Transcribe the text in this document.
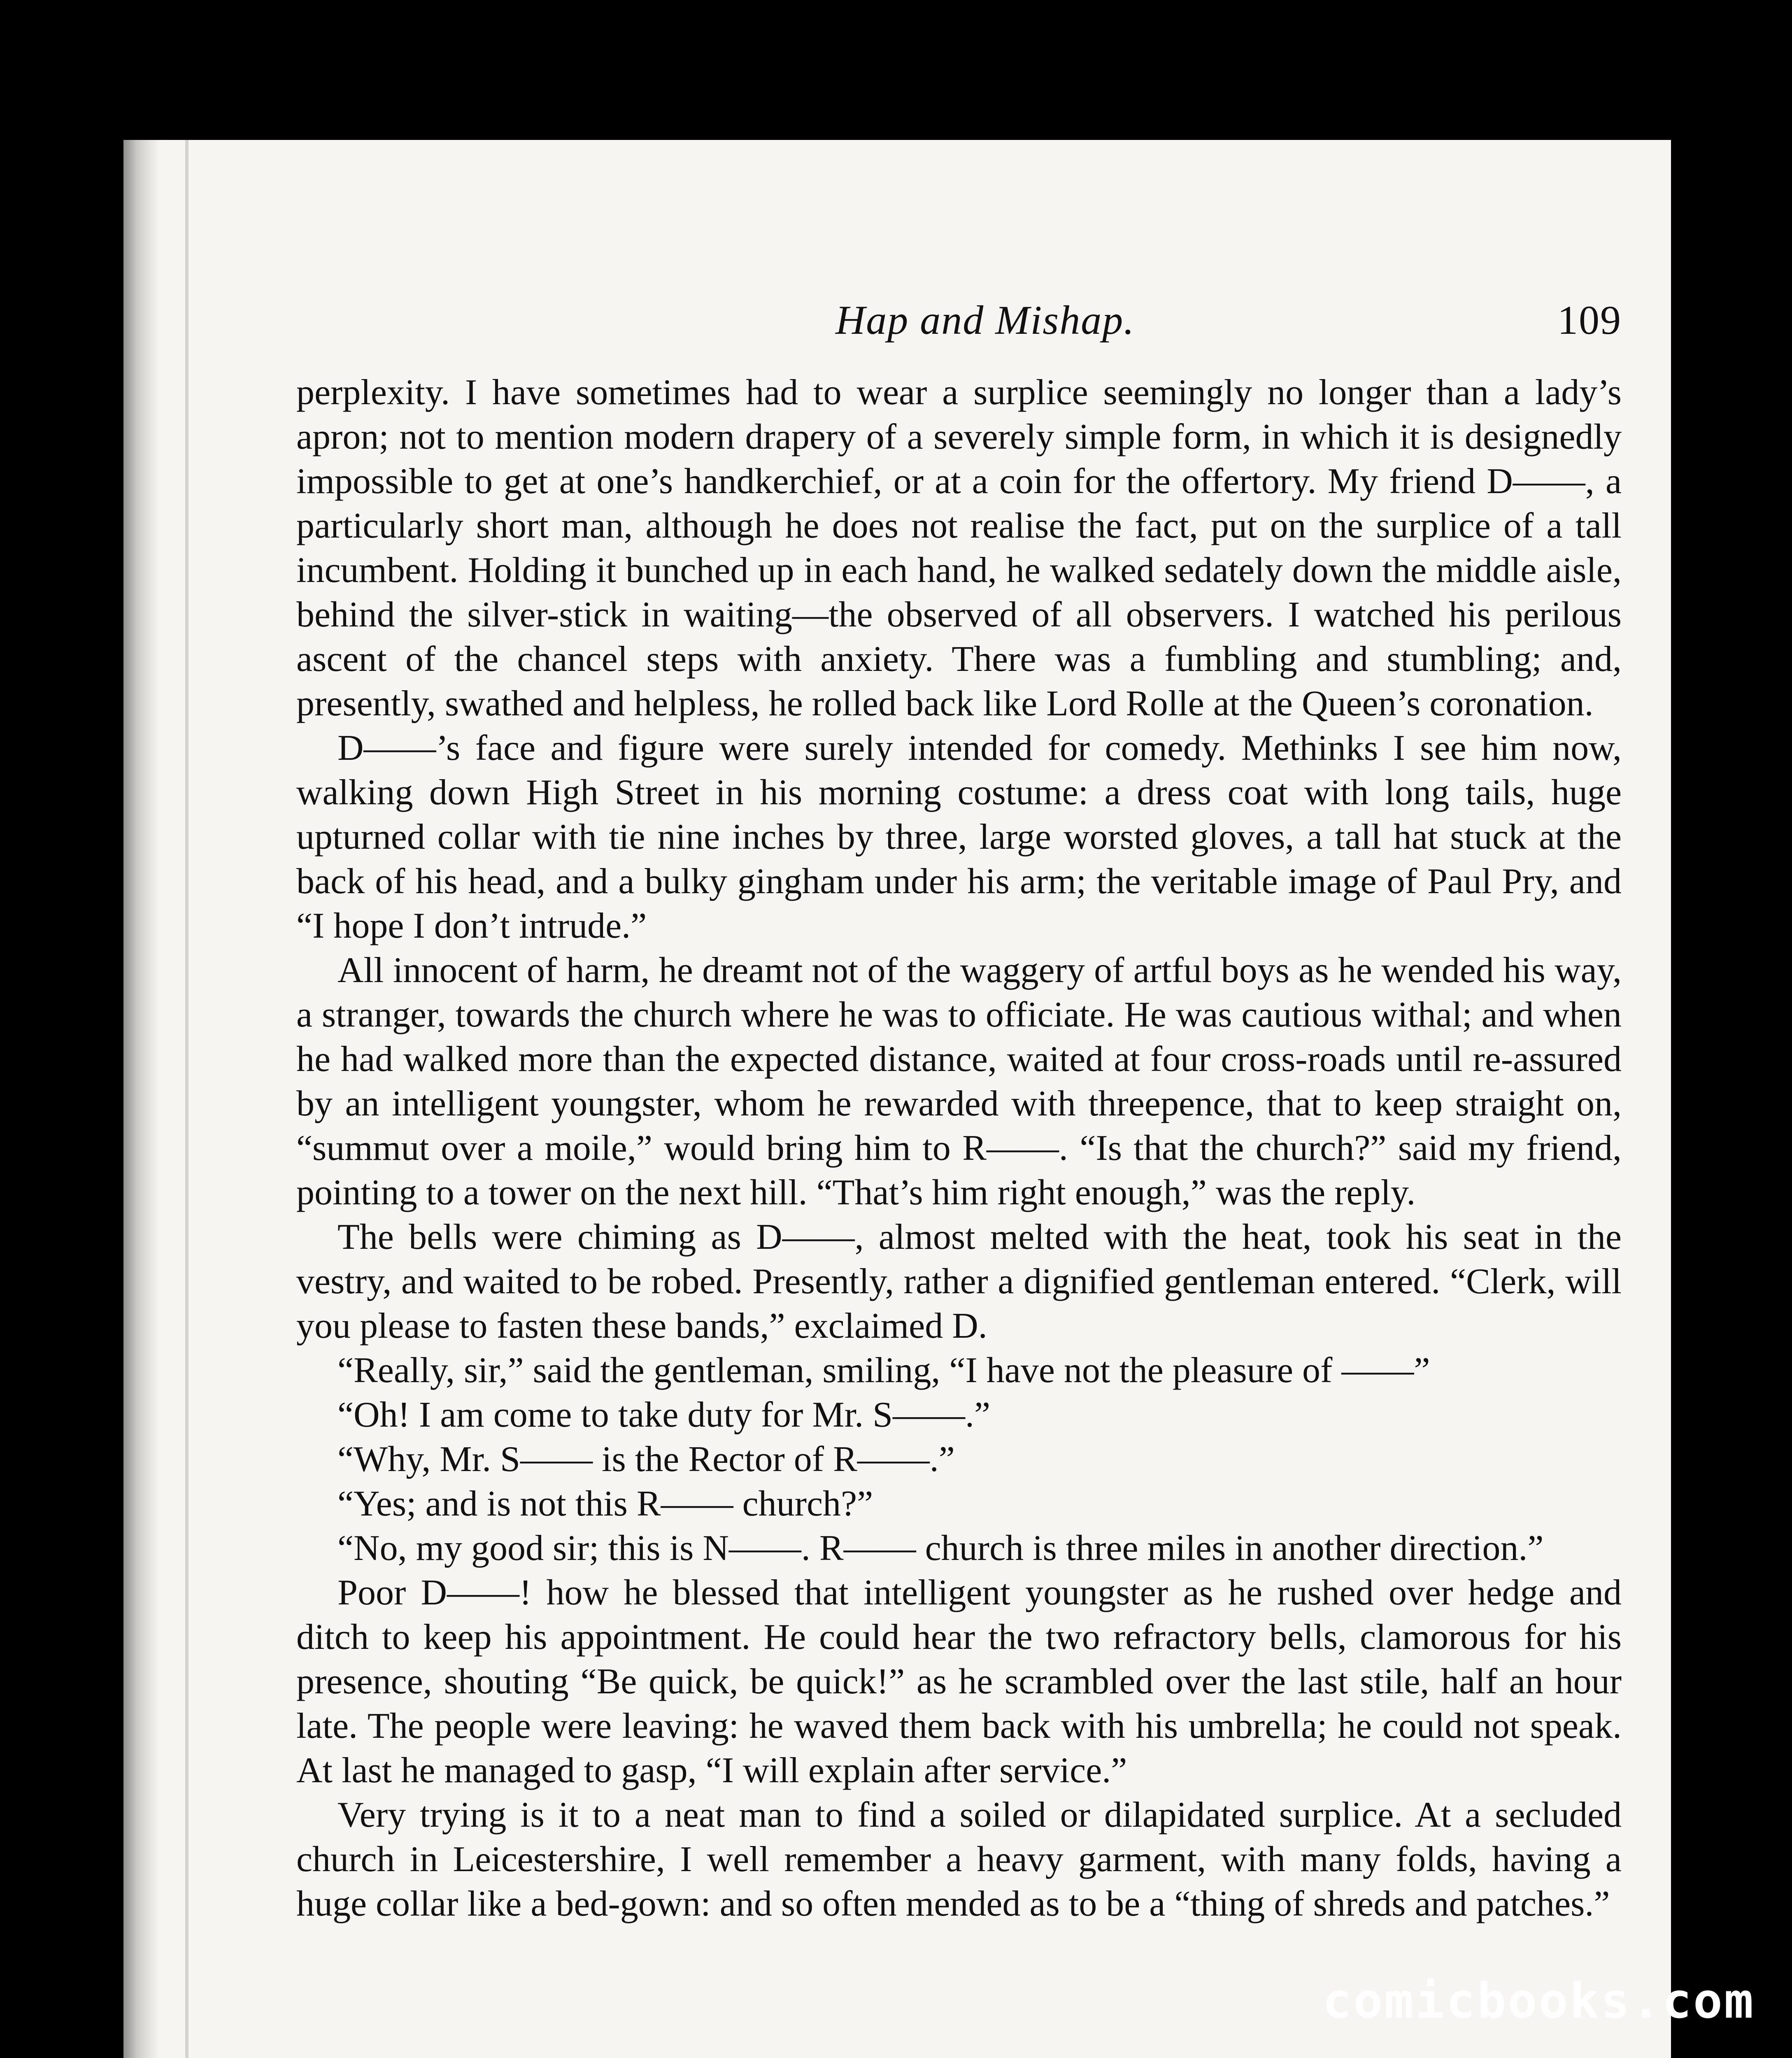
Hap and Mishap.	109

perplexity. I have sometimes had to wear a surplice seemingly no longer than a lady’s apron; not to mention modern drapery of a severely simple form, in which it is designedly impossible to get at one’s handkerchief, or at a coin for the offertory. My friend D——, a particularly short man, although he does not realise the fact, put on the surplice of a tall incumbent. Holding it bunched up in each hand, he walked sedately down the middle aisle, behind the silver-stick in waiting—the observed of all observers. I watched his perilous ascent of the chancel steps with anxiety. There was a fumbling and stumbling; and, presently, swathed and helpless, he rolled back like Lord Rolle at the Queen’s coronation.

D——’s face and figure were surely intended for comedy. Methinks I see him now, walking down High Street in his morning costume: a dress coat with long tails, huge upturned collar with tie nine inches by three, large worsted gloves, a tall hat stuck at the back of his head, and a bulky gingham under his arm; the veritable image of Paul Pry, and “I hope I don’t intrude.”

All innocent of harm, he dreamt not of the waggery of artful boys as he wended his way, a stranger, towards the church where he was to officiate. He was cautious withal; and when he had walked more than the expected distance, waited at four cross-roads until re-assured by an intelligent youngster, whom he rewarded with threepence, that to keep straight on, “summut over a moile,” would bring him to R——. “Is that the church?” said my friend, pointing to a tower on the next hill. “That’s him right enough,” was the reply.

The bells were chiming as D——, almost melted with the heat, took his seat in the vestry, and waited to be robed. Presently, rather a dignified gentleman entered. “Clerk, will you please to fasten these bands,” exclaimed D.

“Really, sir,” said the gentleman, smiling, “I have not the pleasure of ——”

“Oh! I am come to take duty for Mr. S——.”

“Why, Mr. S—— is the Rector of R——.”

“Yes; and is not this R—— church?”

“No, my good sir; this is N——. R—— church is three miles in another direction.”

Poor D——! how he blessed that intelligent youngster as he rushed over hedge and ditch to keep his appointment. He could hear the two refractory bells, clamorous for his presence, shouting “Be quick, be quick!” as he scrambled over the last stile, half an hour late. The people were leaving: he waved them back with his umbrella; he could not speak. At last he managed to gasp, “I will explain after service.”

Very trying is it to a neat man to find a soiled or dilapidated surplice. At a secluded church in Leicestershire, I well remember a heavy garment, with many folds, having a huge collar like a bed-gown: and so often mended as to be a “thing of shreds and patches.”

comicbooks.com
